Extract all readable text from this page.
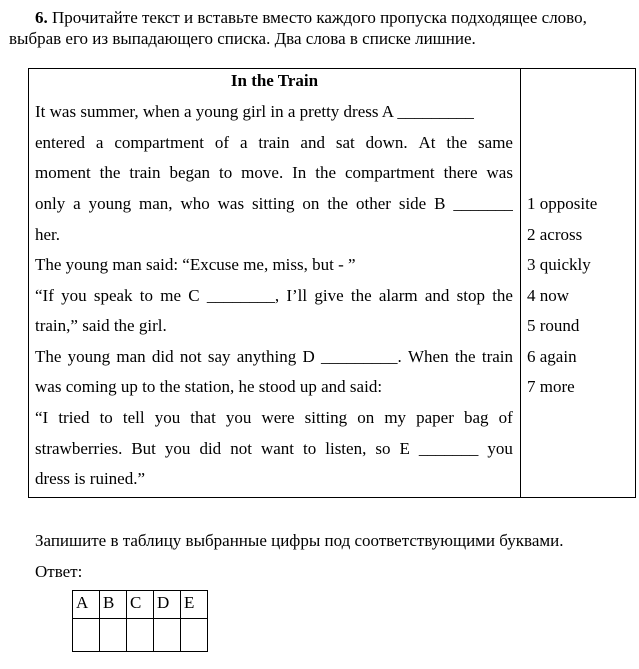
6. Прочитайте текст и вставьте вместо каждого пропуска подходящее слово, выбрав его из выпадающего списка. Два слова в списке лишние.
In the Train
It was summer, when a young girl in a pretty dress A _________
entered a compartment of a train and sat down. At the same
moment the train began to move. In the compartment there was
only a young man, who was sitting on the other side B _______
her.
The young man said: “Excuse me, miss, but - ”
“If you speak to me C ________, I’ll give the alarm and stop the
train,” said the girl.
The young man did not say anything D _________. When the train
was coming up to the station, he stood up and said:
“I tried to tell you that you were sitting on my paper bag of
strawberries. But you did not want to listen, so E _______ you
dress is ruined.”

1 opposite
2 across
3 quickly
4 now
5 round
6 again
7 more
Запишите в таблицу выбранные цифры под соответствующими буквами.
Ответ:
A	B	C	D	E
